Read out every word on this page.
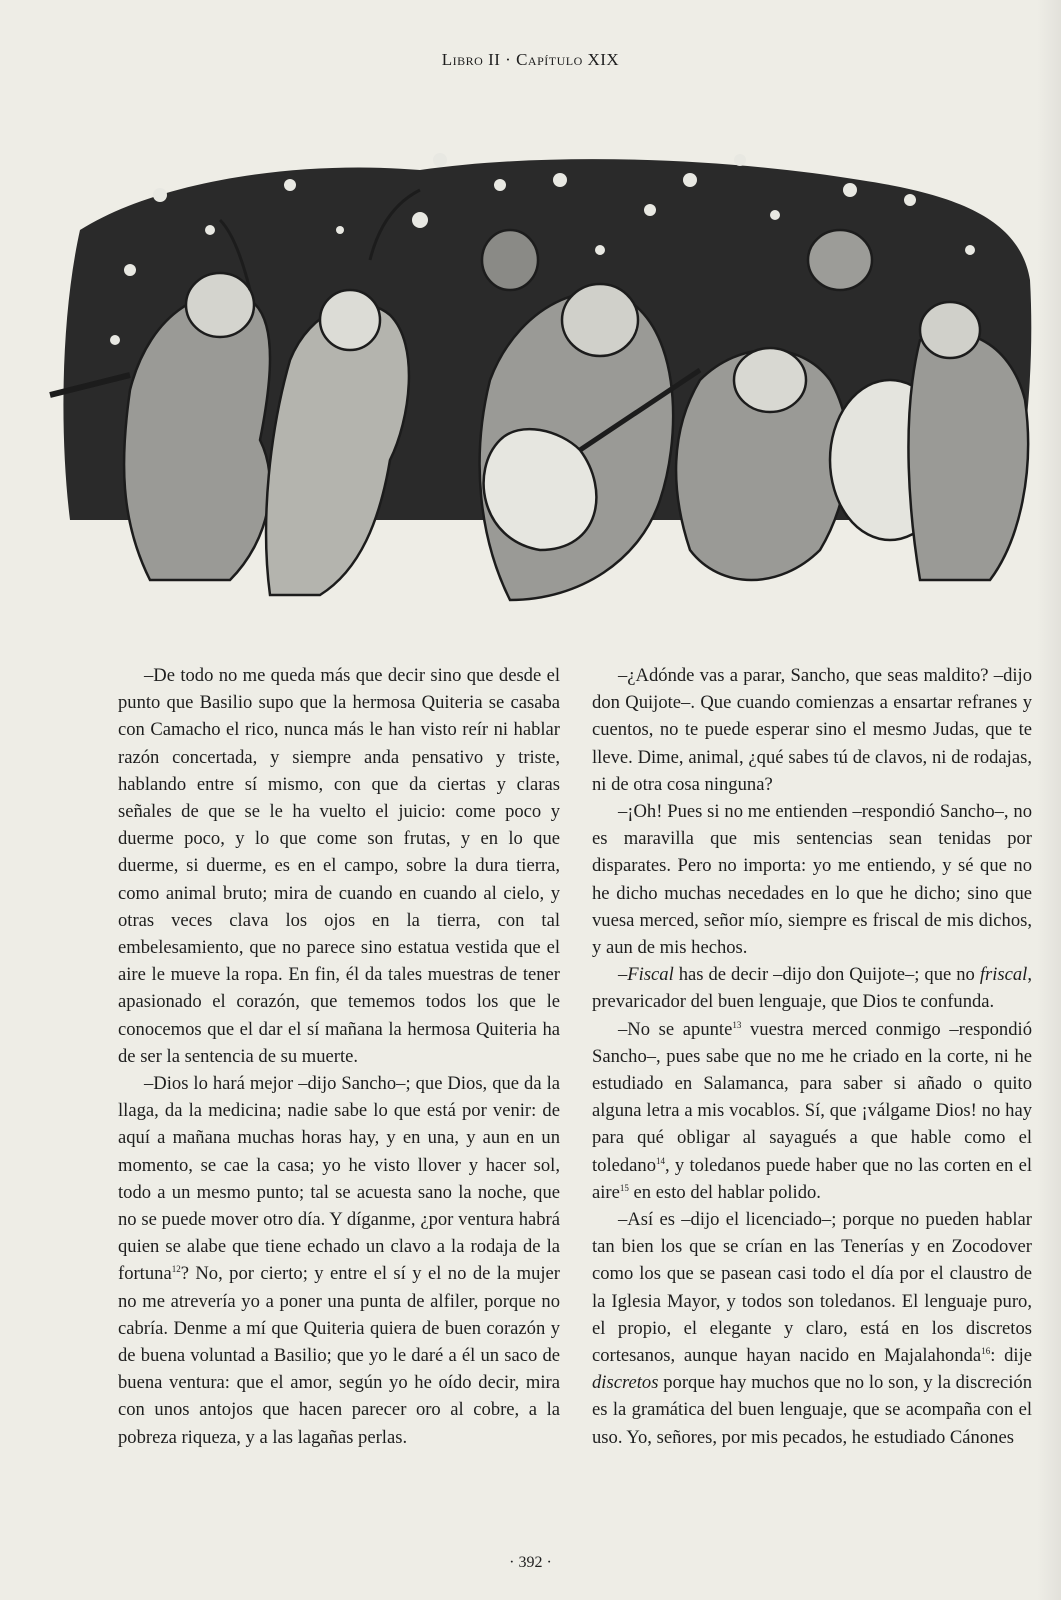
Libro II · Capítulo XIX

–De todo no me queda más que decir sino que desde el punto que Basilio supo que la hermosa Quiteria se casaba con Camacho el rico, nunca más le han visto reír ni hablar razón concertada, y siempre anda pensativo y triste, hablando entre sí mismo, con que da ciertas y claras señales de que se le ha vuelto el juicio: come poco y duerme poco, y lo que come son frutas, y en lo que duerme, si duerme, es en el campo, sobre la dura tierra, como animal bruto; mira de cuando en cuando al cielo, y otras veces clava los ojos en la tierra, con tal embelesamiento, que no parece sino estatua vestida que el aire le mueve la ropa. En fin, él da tales muestras de tener apasionado el corazón, que tememos todos los que le conocemos que el dar el sí mañana la hermosa Quiteria ha de ser la sentencia de su muerte.

–Dios lo hará mejor –dijo Sancho–; que Dios, que da la llaga, da la medicina; nadie sabe lo que está por venir: de aquí a mañana muchas horas hay, y en una, y aun en un momento, se cae la casa; yo he visto llover y hacer sol, todo a un mesmo punto; tal se acuesta sano la noche, que no se puede mover otro día. Y díganme, ¿por ventura habrá quien se alabe que tiene echado un clavo a la rodaja de la fortuna$^{12}$? No, por cierto; y entre el sí y el no de la mujer no me atrevería yo a poner una punta de alfiler, porque no cabría. Denme a mí que Quiteria quiera de buen corazón y de buena voluntad a Basilio; que yo le daré a él un saco de buena ventura: que el amor, según yo he oído decir, mira con unos antojos que hacen parecer oro al cobre, a la pobreza riqueza, y a las lagañas perlas.

–¿Adónde vas a parar, Sancho, que seas maldito? –dijo don Quijote–. Que cuando comienzas a ensartar refranes y cuentos, no te puede esperar sino el mesmo Judas, que te lleve. Dime, animal, ¿qué sabes tú de clavos, ni de rodajas, ni de otra cosa ninguna?

–¡Oh! Pues si no me entienden –respondió Sancho–, no es maravilla que mis sentencias sean tenidas por disparates. Pero no importa: yo me entiendo, y sé que no he dicho muchas necedades en lo que he dicho; sino que vuesa merced, señor mío, siempre es friscal de mis dichos, y aun de mis hechos.

–Fiscal has de decir –dijo don Quijote–; que no friscal, prevaricador del buen lenguaje, que Dios te confunda.

–No se apunte$^{13}$ vuestra merced conmigo –respondió Sancho–, pues sabe que no me he criado en la corte, ni he estudiado en Salamanca, para saber si añado o quito alguna letra a mis vocablos. Sí, que ¡válgame Dios! no hay para qué obligar al sayagués a que hable como el toledano$^{14}$, y toledanos puede haber que no las corten en el aire$^{15}$ en esto del hablar polido.

–Así es –dijo el licenciado–; porque no pueden hablar tan bien los que se crían en las Tenerías y en Zocodover como los que se pasean casi todo el día por el claustro de la Iglesia Mayor, y todos son toledanos. El lenguaje puro, el propio, el elegante y claro, está en los discretos cortesanos, aunque hayan nacido en Majalahonda$^{16}$: dije discretos porque hay muchos que no lo son, y la discreción es la gramática del buen lenguaje, que se acompaña con el uso. Yo, señores, por mis pecados, he estudiado Cánones

· 392 ·
